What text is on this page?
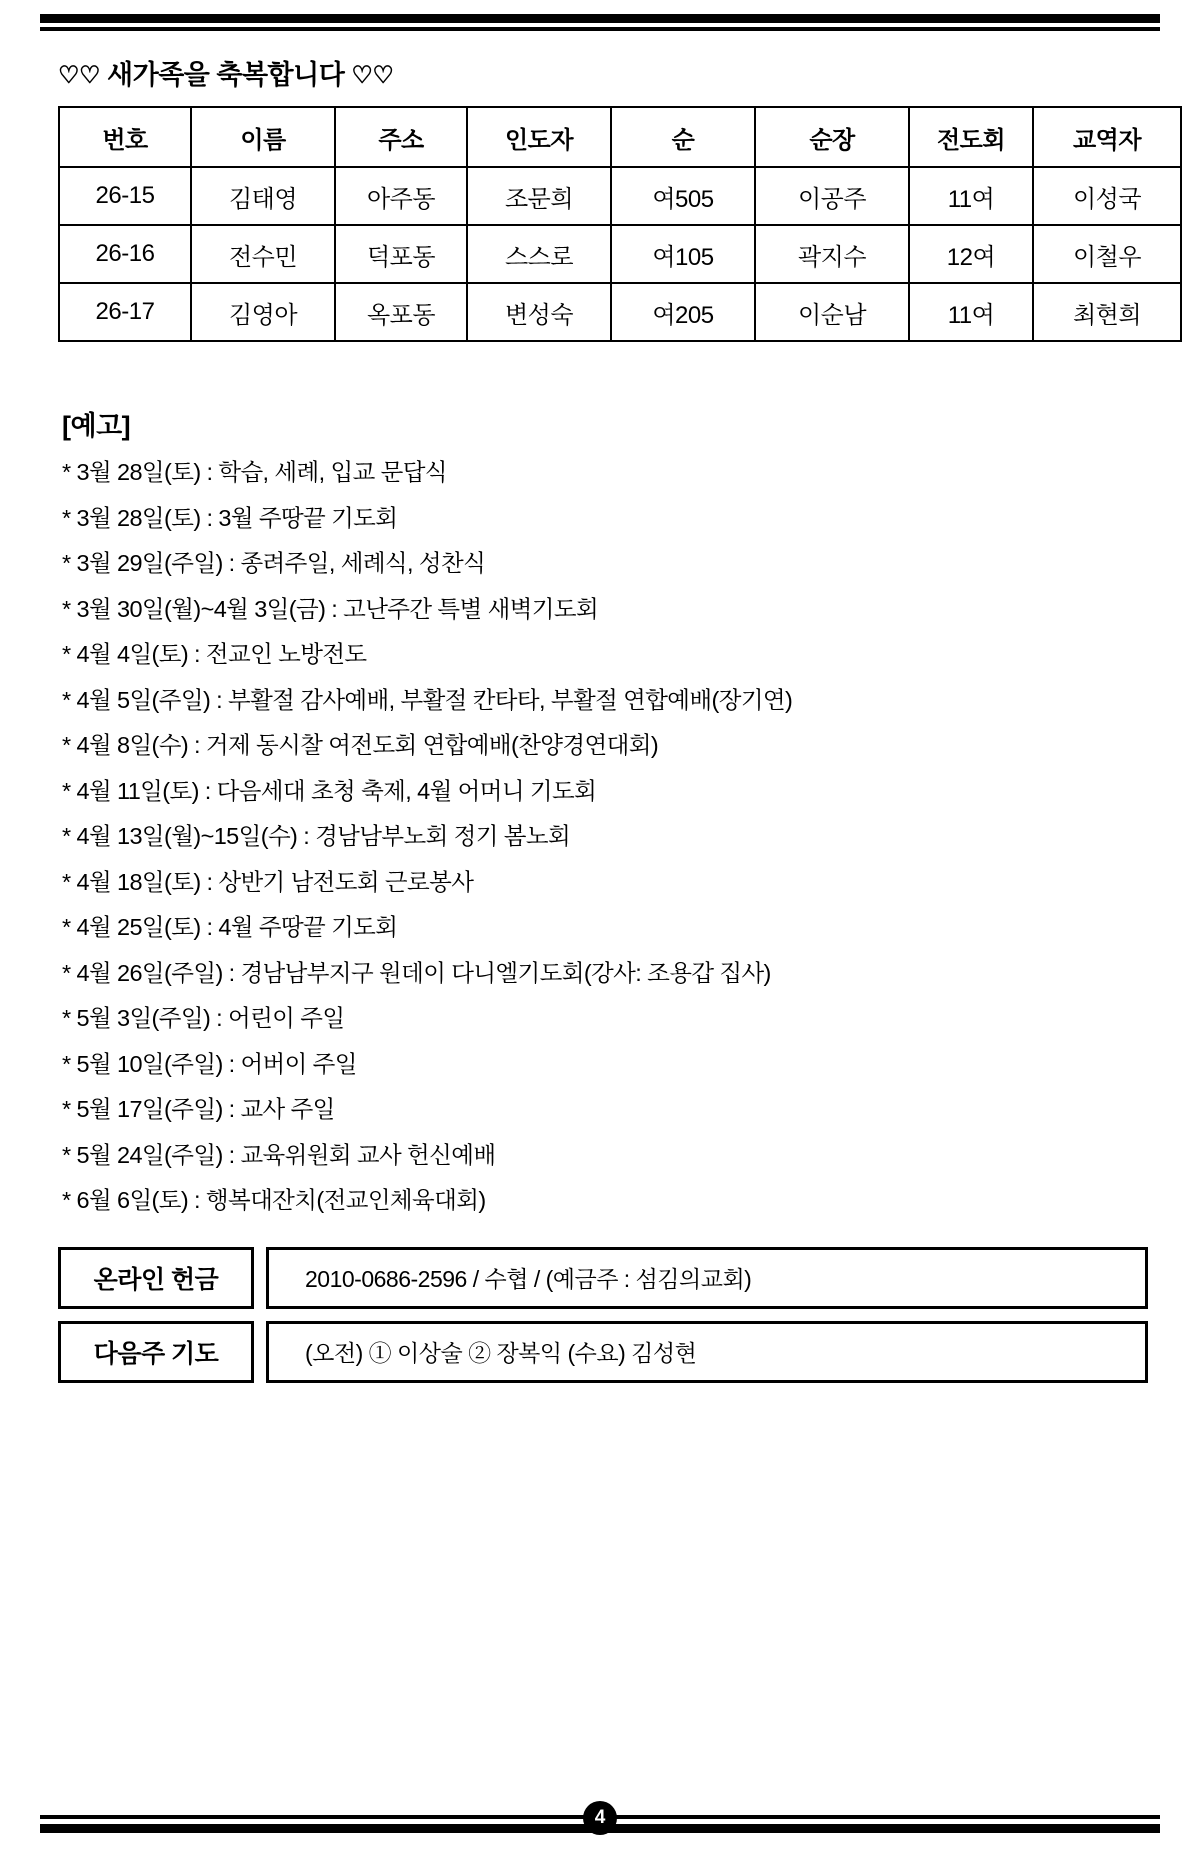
♡♡ 새가족을 축복합니다 ♡♡
번호	이름	주소	인도자	순	순장	전도회	교역자
26-15	김태영	아주동	조문희	여505	이공주	11여	이성국
26-16	전수민	덕포동	스스로	여105	곽지수	12여	이철우
26-17	김영아	옥포동	변성숙	여205	이순남	11여	최현희
[예고]
* 3월 28일(토) : 학습, 세례, 입교 문답식
* 3월 28일(토) : 3월 주땅끝 기도회
* 3월 29일(주일) : 종려주일, 세례식, 성찬식
* 3월 30일(월)~4월 3일(금) : 고난주간 특별 새벽기도회
* 4월 4일(토) : 전교인 노방전도
* 4월 5일(주일) : 부활절 감사예배, 부활절 칸타타, 부활절 연합예배(장기연)
* 4월 8일(수) : 거제 동시찰 여전도회 연합예배(찬양경연대회)
* 4월 11일(토) : 다음세대 초청 축제, 4월 어머니 기도회
* 4월 13일(월)~15일(수) : 경남남부노회 정기 봄노회
* 4월 18일(토) : 상반기 남전도회 근로봉사
* 4월 25일(토) : 4월 주땅끝 기도회
* 4월 26일(주일) : 경남남부지구 원데이 다니엘기도회(강사: 조용갑 집사)
* 5월 3일(주일) : 어린이 주일
* 5월 10일(주일) : 어버이 주일
* 5월 17일(주일) : 교사 주일
* 5월 24일(주일) : 교육위원회 교사 헌신예배
* 6월 6일(토) : 행복대잔치(전교인체육대회)
온라인 헌금	2010-0686-2596 / 수협 / (예금주 : 섬김의교회)
다음주 기도	(오전) ① 이상술 ② 장복익 (수요) 김성현
4
